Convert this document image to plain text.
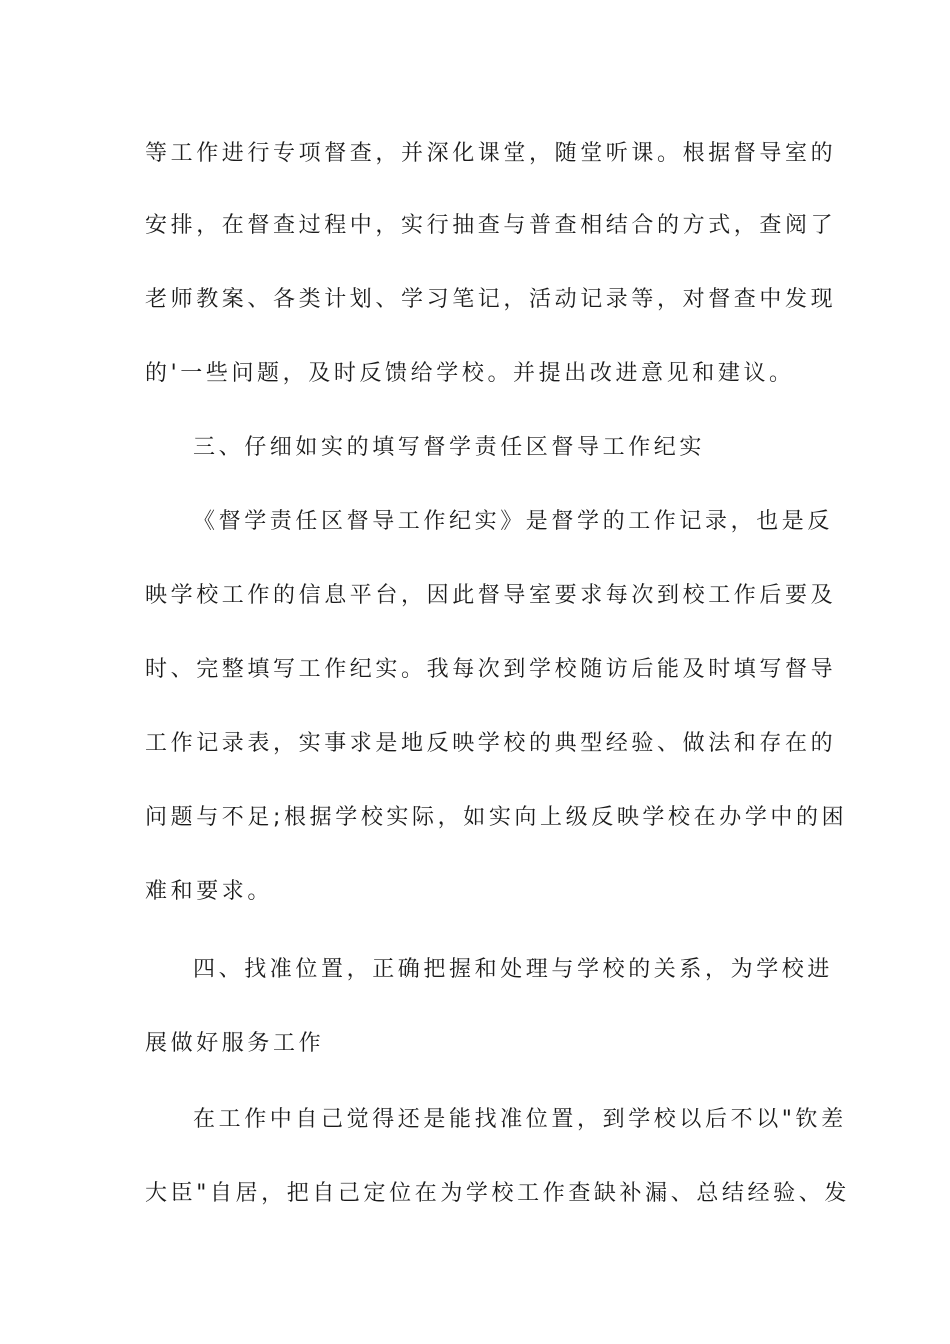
等工作进行专项督查，并深化课堂，随堂听课。根据督导室的

安排，在督查过程中，实行抽查与普查相结合的方式，查阅了

老师教案、各类计划、学习笔记，活动记录等，对督查中发现

的'一些问题，及时反馈给学校。并提出改进意见和建议。

三、仔细如实的填写督学责任区督导工作纪实

《督学责任区督导工作纪实》是督学的工作记录，也是反

映学校工作的信息平台，因此督导室要求每次到校工作后要及

时、完整填写工作纪实。我每次到学校随访后能及时填写督导

工作记录表，实事求是地反映学校的典型经验、做法和存在的

问题与不足;根据学校实际，如实向上级反映学校在办学中的困

难和要求。

四、找准位置，正确把握和处理与学校的关系，为学校进

展做好服务工作

在工作中自己觉得还是能找准位置，到学校以后不以"钦差

大臣"自居，把自己定位在为学校工作查缺补漏、总结经验、发
